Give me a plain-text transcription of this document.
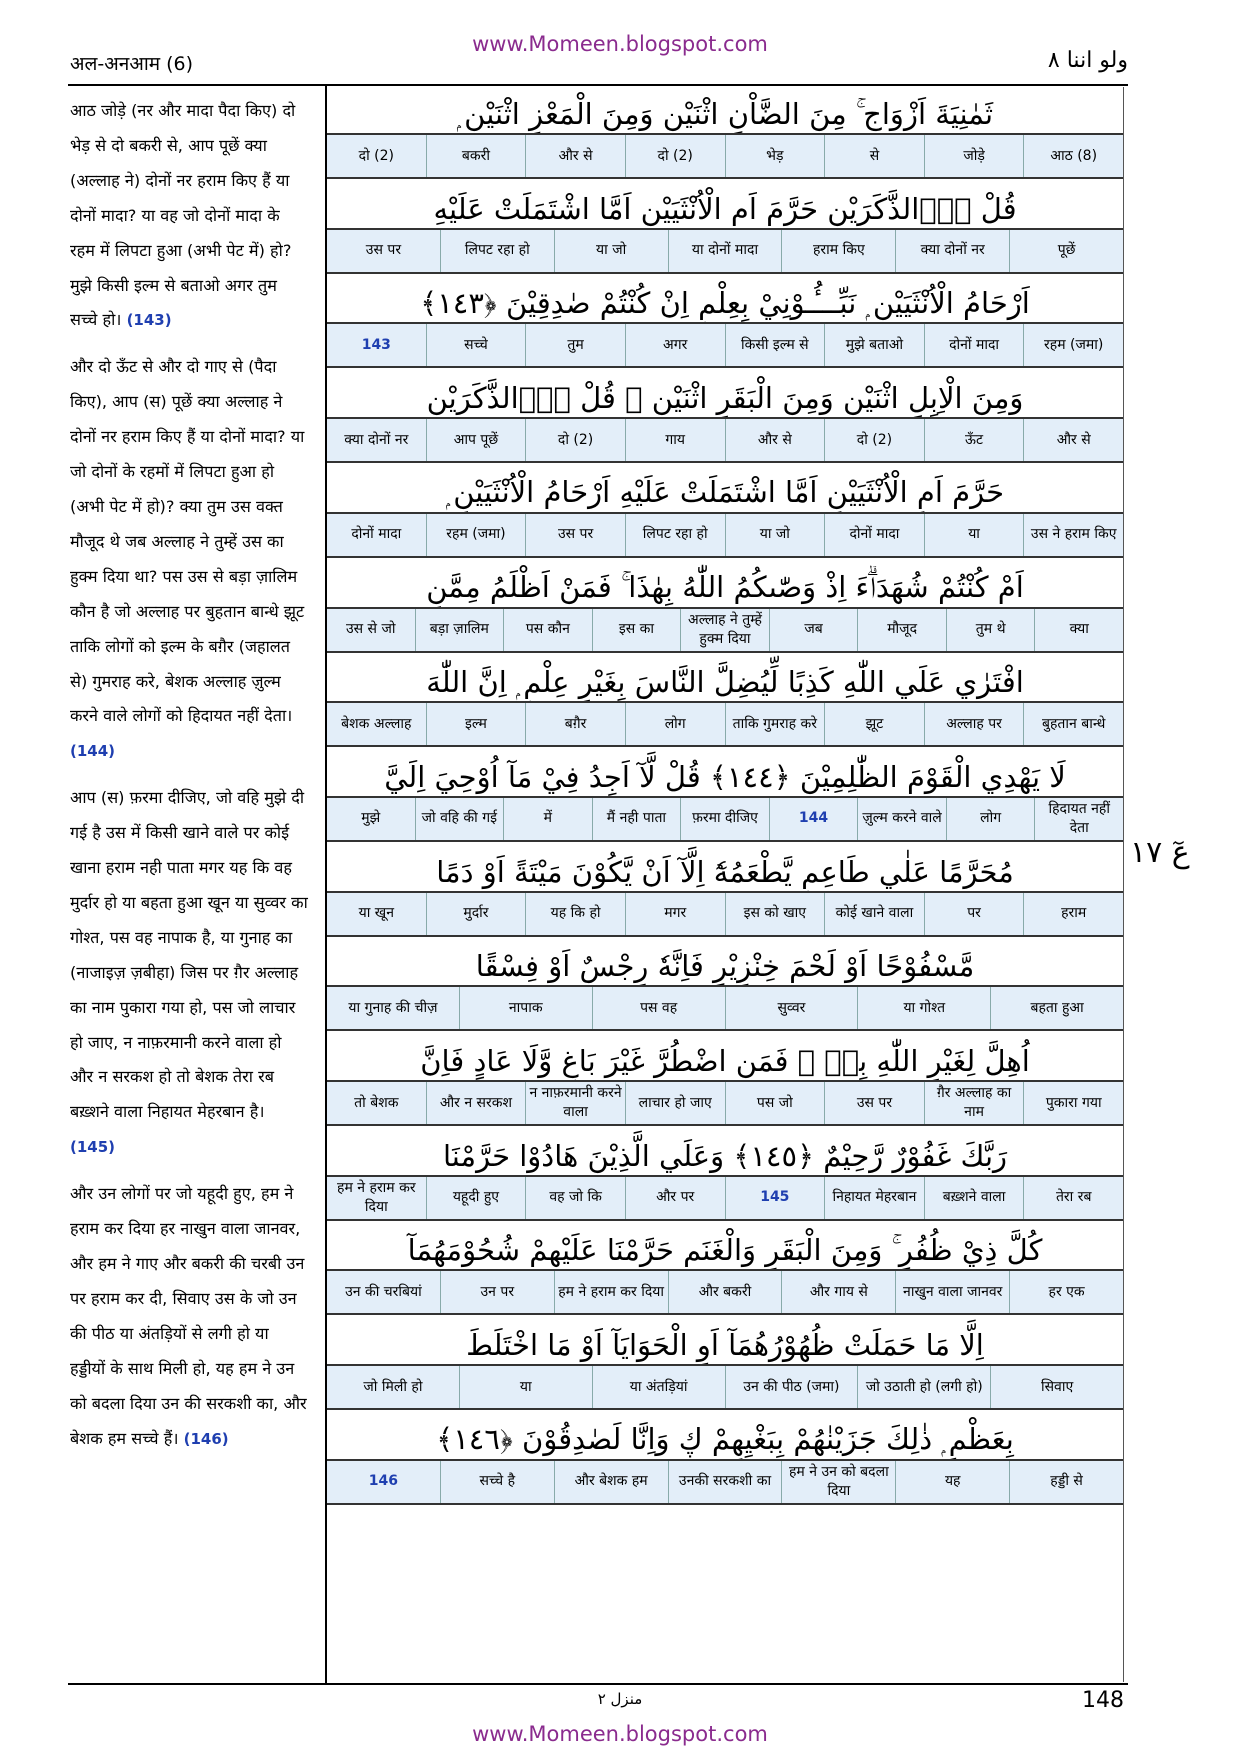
www.Momeen.blogspot.com
अल-अनआम (6)	ولو اننا ٨

आठ जोड़े (नर और मादा पैदा किए) दो भेड़ से दो बकरी से, आप पूछें क्या (अल्लाह ने) दोनों नर हराम किए हैं या दोनों मादा? या वह जो दोनों मादा के रहम में लिपटा हुआ (अभी पेट में) हो? मुझे किसी इल्म से बताओ अगर तुम सच्चे हो। (143)

और दो ऊँट से और दो गाए से (पैदा किए), आप (स) पूछें क्या अल्लाह ने दोनों नर हराम किए हैं या दोनों मादा? या जो दोनों के रहमों में लिपटा हुआ हो (अभी पेट में हो)? क्या तुम उस वक्त मौजूद थे जब अल्लाह ने तुम्हें उस का हुक्म दिया था? पस उस से बड़ा ज़ालिम कौन है जो अल्लाह पर बुहतान बान्धे झूट ताकि लोगों को इल्म के बग़ैर (जहालत से) गुमराह करे, बेशक अल्लाह ज़ुल्म करने वाले लोगों को हिदायत नहीं देता। (144)

आप (स) फ़रमा दीजिए, जो वहि मुझे दी गई है उस में किसी खाने वाले पर कोई खाना हराम नही पाता मगर यह कि वह मुर्दार हो या बहता हुआ खून या सुव्वर का गोश्त, पस वह नापाक है, या गुनाह का (नाजाइज़ ज़बीहा) जिस पर ग़ैर अल्लाह का नाम पुकारा गया हो, पस जो लाचार हो जाए, न नाफ़रमानी करने वाला हो और न सरकश हो तो बेशक तेरा रब बख़्शने वाला निहायत मेहरबान है। (145)

और उन लोगों पर जो यहूदी हुए, हम ने हराम कर दिया हर नाखुन वाला जानवर, और हम ने गाए और बकरी की चरबी उन पर हराम कर दी, सिवाए उस के जो उन की पीठ या अंतड़ियों से लगी हो या हड्डीयों के साथ मिली हो, यह हम ने उन को बदला दिया उन की सरकशी का, और बेशक हम सच्चे हैं। (146)

ثَمٰنِيَةَ اَزْوَاجٍ ۚ مِنَ الضَّاْنِ اثْنَيْنِ وَمِنَ الْمَعْزِ اثْنَيْنِ ۭ
आठ (8)
जोड़े
से
भेड़
दो (2)
और से
बकरी
दो (2)
قُلْ ءٰۗالذَّكَرَيْنِ حَرَّمَ اَمِ الْاُنْثَيَيْنِ اَمَّا اشْتَمَلَتْ عَلَيْهِ
पूछें
क्या दोनों नर
हराम किए
या दोनों मादा
या जो
लिपट रहा हो
उस पर
اَرْحَامُ الْاُنْثَيَيْنِ ۭ نَبِّـــُٔـوْنِيْ بِعِلْمٍ اِنْ كُنْتُمْ صٰدِقِيْنَ ﴿١٤٣﴾
रहम (जमा)
दोनों मादा
मुझे बताओ
किसी इल्म से
अगर
तुम
सच्चे
143
وَمِنَ الْاِبِلِ اثْنَيْنِ وَمِنَ الْبَقَرِ اثْنَيْنِ ۭ قُلْ ءٰۗالذَّكَرَيْنِ
और से
ऊँट
दो (2)
और से
गाय
दो (2)
आप पूछें
क्या दोनों नर
حَرَّمَ اَمِ الْاُنْثَيَيْنِ اَمَّا اشْتَمَلَتْ عَلَيْهِ اَرْحَامُ الْاُنْثَيَيْنِ ۭ
उस ने हराम किए
या
दोनों मादा
या जो
लिपट रहा हो
उस पर
रहम (जमा)
दोनों मादा
اَمْ كُنْتُمْ شُهَدَاۗءَ اِذْ وَصّٰىكُمُ اللّٰهُ بِهٰذَا ۚ فَمَنْ اَظْلَمُ مِمَّنِ
क्या
तुम थे
मौजूद
जब
अल्लाह ने तुम्हें हुक्म दिया
इस का
पस कौन
बड़ा ज़ालिम
उस से जो
افْتَرٰي عَلَي اللّٰهِ كَذِبًا لِّيُضِلَّ النَّاسَ بِغَيْرِ عِلْمٍ ۭ اِنَّ اللّٰهَ
बुहतान बान्धे
अल्लाह पर
झूट
ताकि गुमराह करे
लोग
बग़ैर
इल्म
बेशक अल्लाह
لَا يَهْدِي الْقَوْمَ الظّٰلِمِيْنَ ﴿١٤٤﴾ قُلْ لَّآ اَجِدُ فِيْ مَآ اُوْحِيَ اِلَيَّ
हिदायत नहीं देता
लोग
ज़ुल्म करने वाले
144
फ़रमा दीजिए
मैं नही पाता
में
जो वहि की गई
मुझे
مُحَرَّمًا عَلٰي طَاعِمٍ يَّطْعَمُهٗٓ اِلَّآ اَنْ يَّكُوْنَ مَيْتَةً اَوْ دَمًا
हराम
पर
कोई खाने वाला
इस को खाए
मगर
यह कि हो
मुर्दार
या खून
مَّسْفُوْحًا اَوْ لَحْمَ خِنْزِيْرٍ فَاِنَّهٗ رِجْسٌ اَوْ فِسْقًا
बहता हुआ
या गोश्त
सुव्वर
पस वह
नापाक
या गुनाह की चीज़
اُهِلَّ لِغَيْرِ اللّٰهِ بِهٖ ۚ فَمَنِ اضْطُرَّ غَيْرَ بَاغٍ وَّلَا عَادٍ فَاِنَّ
पुकारा गया
ग़ैर अल्लाह का नाम
उस पर
पस जो
लाचार हो जाए
न नाफ़रमानी करने वाला
और न सरकश
तो बेशक
رَبَّكَ غَفُوْرٌ رَّحِيْمٌ ﴿١٤٥﴾ وَعَلَي الَّذِيْنَ هَادُوْا حَرَّمْنَا
तेरा रब
बख़्शने वाला
निहायत मेहरबान
145
और पर
वह जो कि
यहूदी हुए
हम ने हराम कर दिया
كُلَّ ذِيْ ظُفُرٍ ۚ وَمِنَ الْبَقَرِ وَالْغَنَمِ حَرَّمْنَا عَلَيْهِمْ شُحُوْمَهُمَآ
हर एक
नाखुन वाला जानवर
और गाय से
और बकरी
हम ने हराम कर दिया
उन पर
उन की चरबियां
اِلَّا مَا حَمَلَتْ ظُهُوْرُهُمَآ اَوِ الْحَوَايَآ اَوْ مَا اخْتَلَطَ
सिवाए
जो उठाती हो (लगी हो)
उन की पीठ (जमा)
या अंतड़ियां
या
जो मिली हो
بِعَظْمٍ ۭ ذٰلِكَ جَزَيْنٰهُمْ بِبَغْيِهِمْ ڮ وَاِنَّا لَصٰدِقُوْنَ ﴿١٤٦﴾
हड्डी से
यह
हम ने उन को बदला दिया
उनकी सरकशी का
और बेशक हम
सच्चे है
146
عٓ ١٧
منزل ٢	148
www.Momeen.blogspot.com
